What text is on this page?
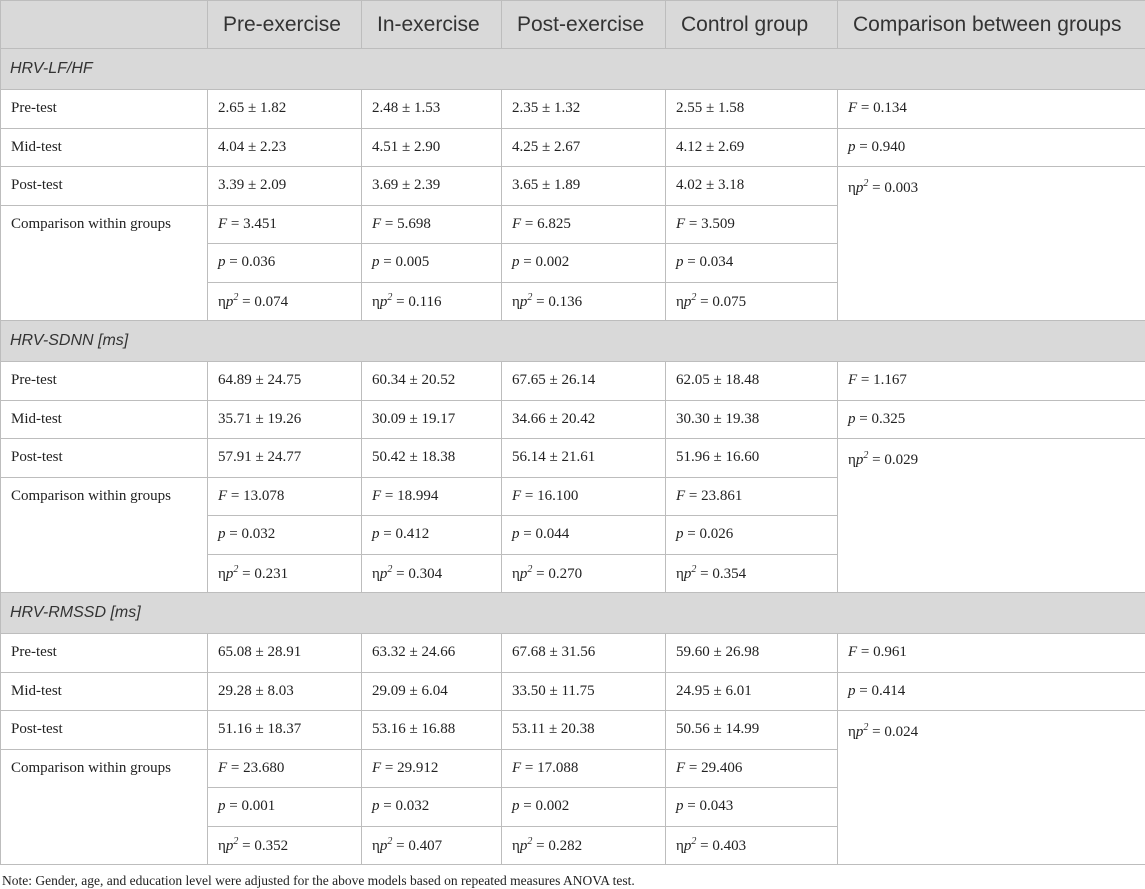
	Pre-exercise	In-exercise	Post-exercise	Control group	Comparison between groups
HRV-LF/HF					
Pre-test	2.65 ± 1.82	2.48 ± 1.53	2.35 ± 1.32	2.55 ± 1.58	F = 0.134
Mid-test	4.04 ± 2.23	4.51 ± 2.90	4.25 ± 2.67	4.12 ± 2.69	p = 0.940
Post-test	3.39 ± 2.09	3.69 ± 2.39	3.65 ± 1.89	4.02 ± 3.18	$\eta p^2 = 0.003$
Comparison within groups	F = 3.451	F = 5.698	F = 6.825	F = 3.509	
	p = 0.036	p = 0.005	p = 0.002	p = 0.034	
	$\eta p^2 = 0.074$	$\eta p^2 = 0.116$	$\eta p^2 = 0.136$	$\eta p^2 = 0.075$	
HRV-SDNN [ms]					
Pre-test	64.89 ± 24.75	60.34 ± 20.52	67.65 ± 26.14	62.05 ± 18.48	F = 1.167
Mid-test	35.71 ± 19.26	30.09 ± 19.17	34.66 ± 20.42	30.30 ± 19.38	p = 0.325
Post-test	57.91 ± 24.77	50.42 ± 18.38	56.14 ± 21.61	51.96 ± 16.60	$\eta p^2 = 0.029$
Comparison within groups	F = 13.078	F = 18.994	F = 16.100	F = 23.861	
	p = 0.032	p = 0.412	p = 0.044	p = 0.026	
	$\eta p^2 = 0.231$	$\eta p^2 = 0.304$	$\eta p^2 = 0.270$	$\eta p^2 = 0.354$	
HRV-RMSSD [ms]					
Pre-test	65.08 ± 28.91	63.32 ± 24.66	67.68 ± 31.56	59.60 ± 26.98	F = 0.961
Mid-test	29.28 ± 8.03	29.09 ± 6.04	33.50 ± 11.75	24.95 ± 6.01	p = 0.414
Post-test	51.16 ± 18.37	53.16 ± 16.88	53.11 ± 20.38	50.56 ± 14.99	$\eta p^2 = 0.024$
Comparison within groups	F = 23.680	F = 29.912	F = 17.088	F = 29.406	
	p = 0.001	p = 0.032	p = 0.002	p = 0.043	
	$\eta p^2 = 0.352$	$\eta p^2 = 0.407$	$\eta p^2 = 0.282$	$\eta p^2 = 0.403$	
Note: Gender, age, and education level were adjusted for the above models based on repeated measures ANOVA test.
